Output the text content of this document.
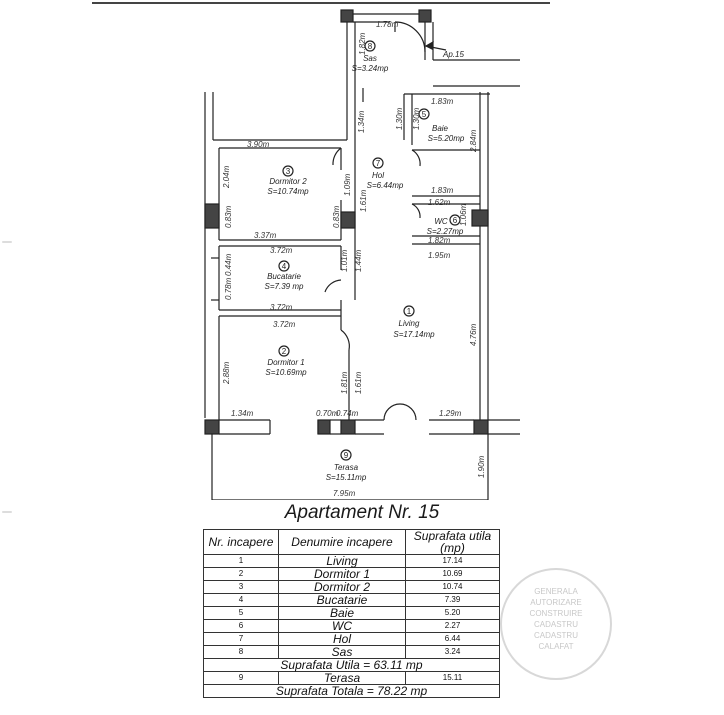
Ap.15
8
5
7
3
6
4
1
2
9
Sas
S=3.24mp
Baie
S=5.20mp
Hol
S=6.44mp
Dormitor 2
S=10.74mp
WC
S=2.27mp
Bucatarie
S=7.39 mp
Living
S=17.14mp
Dormitor 1
S=10.69mp
Terasa
S=15.11mp
1.78m
1.83m
3.90m
1.83m
1.62m
1.82m
3.37m
3.72m
1.95m
3.72m
3.72m
1.34m	0.70m
0.74m	1.29m
7.95m
1.82m
1.34m	1.30m 1.30m
2.84m
2.04m	1.09m
1.61m
1.06m
0.83m	0.83m
0.44m
0.78m
1.01m 1.44m
4.76m
2.88m	1.81m 1.61m
1.90m
Apartament Nr. 15
Nr. incapere	Denumire incapere	Suprafata utila (mp)
1	Living	17.14
2	Dormitor 1	10.69
3	Dormitor 2	10.74
4	Bucatarie	7.39
5	Baie	5.20
6	WC	2.27
7	Hol	6.44
8	Sas	3.24
Suprafata Utila = 63.11 mp		
9	Terasa	15.11
Suprafata Totala = 78.22 mp		
GENERALA
AUTORIZARE
CONSTRUIRE
CADASTRU
CADASTRU
CALAFAT
